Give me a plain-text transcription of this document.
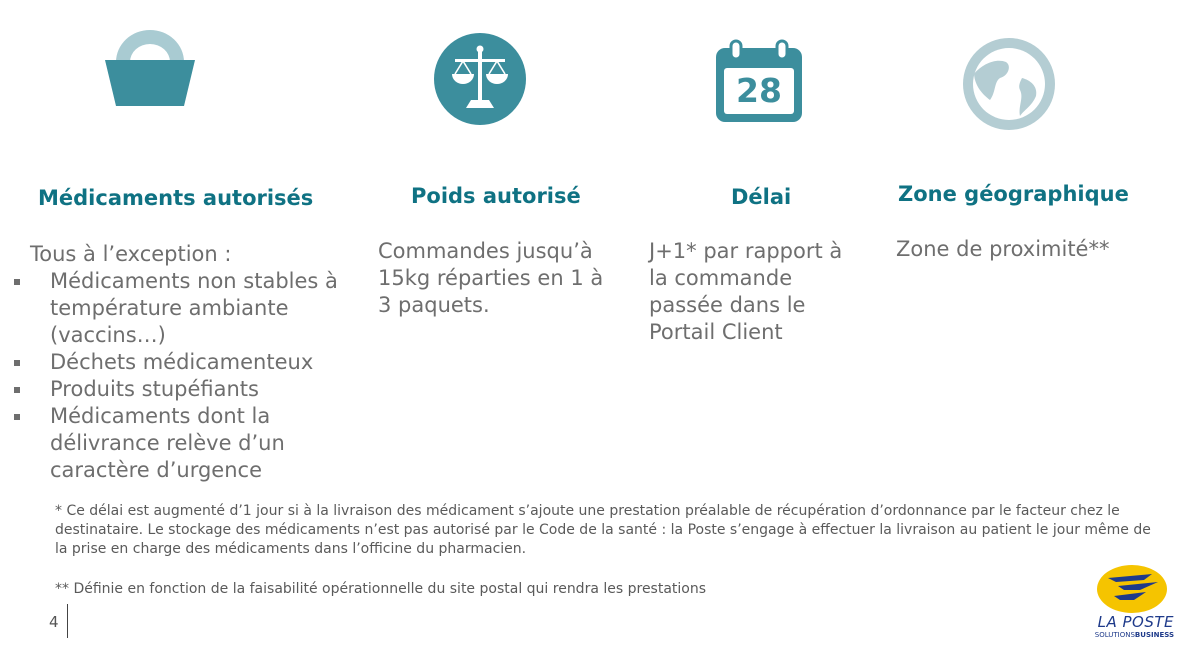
28
Médicaments autorisés	Poids autorisé	Délai	Zone géographique
Tous à l’exception :
Médicaments non stables à température ambiante (vaccins…)
Déchets médicamenteux
Produits stupéfiants
Médicaments dont la délivrance relève d’un caractère d’urgence
Commandes jusqu’à 15kg réparties en 1 à 3 paquets.
J+1* par rapport à la commande passée dans le Portail Client
Zone de proximité**
* Ce délai est augmenté d’1 jour si à la livraison des médicament s’ajoute une prestation préalable de récupération d’ordonnance par le facteur chez le destinataire. Le stockage des médicaments n’est pas autorisé par le Code de la santé : la Poste s’engage à effectuer la livraison au patient le jour même de la prise en charge des médicaments dans l’officine du pharmacien.
** Définie en fonction de la faisabilité opérationnelle du site postal qui rendra les prestations
4	LA POSTE
SOLUTIONSBUSINESS
